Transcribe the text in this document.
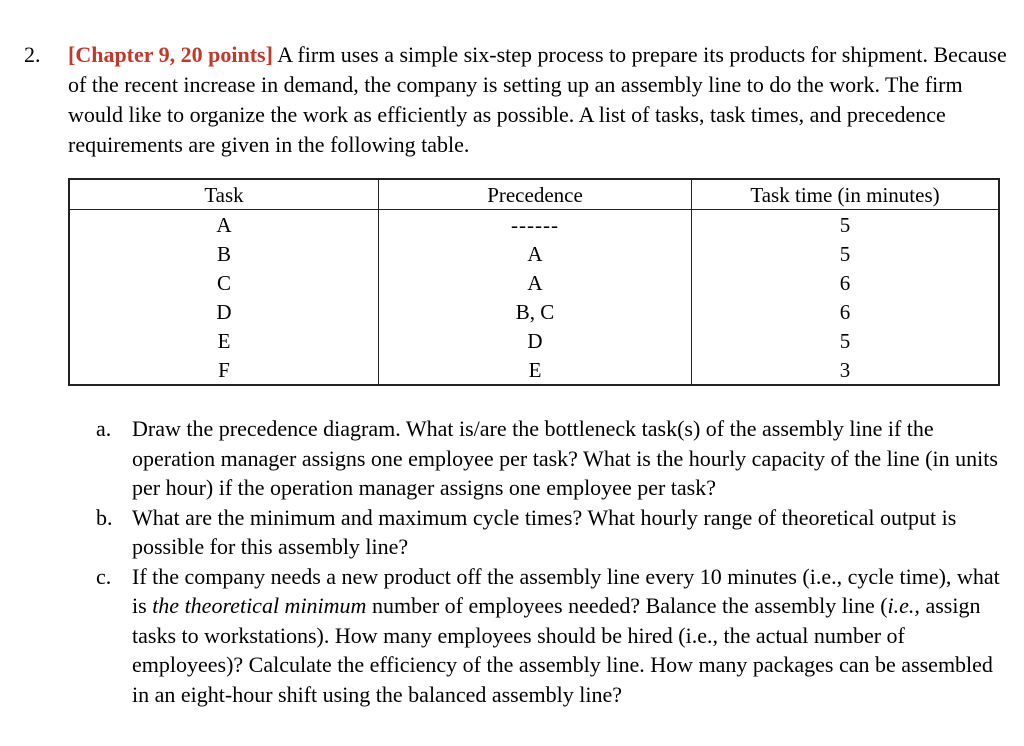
2. [Chapter 9, 20 points] A firm uses a simple six-step process to prepare its products for shipment. Because of the recent increase in demand, the company is setting up an assembly line to do the work. The firm would like to organize the work as efficiently as possible. A list of tasks, task times, and precedence requirements are given in the following table.
Task	Precedence	Task time (in minutes)
A	------	5
B	A	5
C	A	6
D	B, C	6
E	D	5
F	E	3
a. Draw the precedence diagram. What is/are the bottleneck task(s) of the assembly line if the operation manager assigns one employee per task? What is the hourly capacity of the line (in units per hour) if the operation manager assigns one employee per task?
b. What are the minimum and maximum cycle times? What hourly range of theoretical output is possible for this assembly line?
c. If the company needs a new product off the assembly line every 10 minutes (i.e., cycle time), what is the theoretical minimum number of employees needed? Balance the assembly line (i.e., assign tasks to workstations). How many employees should be hired (i.e., the actual number of employees)? Calculate the efficiency of the assembly line. How many packages can be assembled in an eight-hour shift using the balanced assembly line?
